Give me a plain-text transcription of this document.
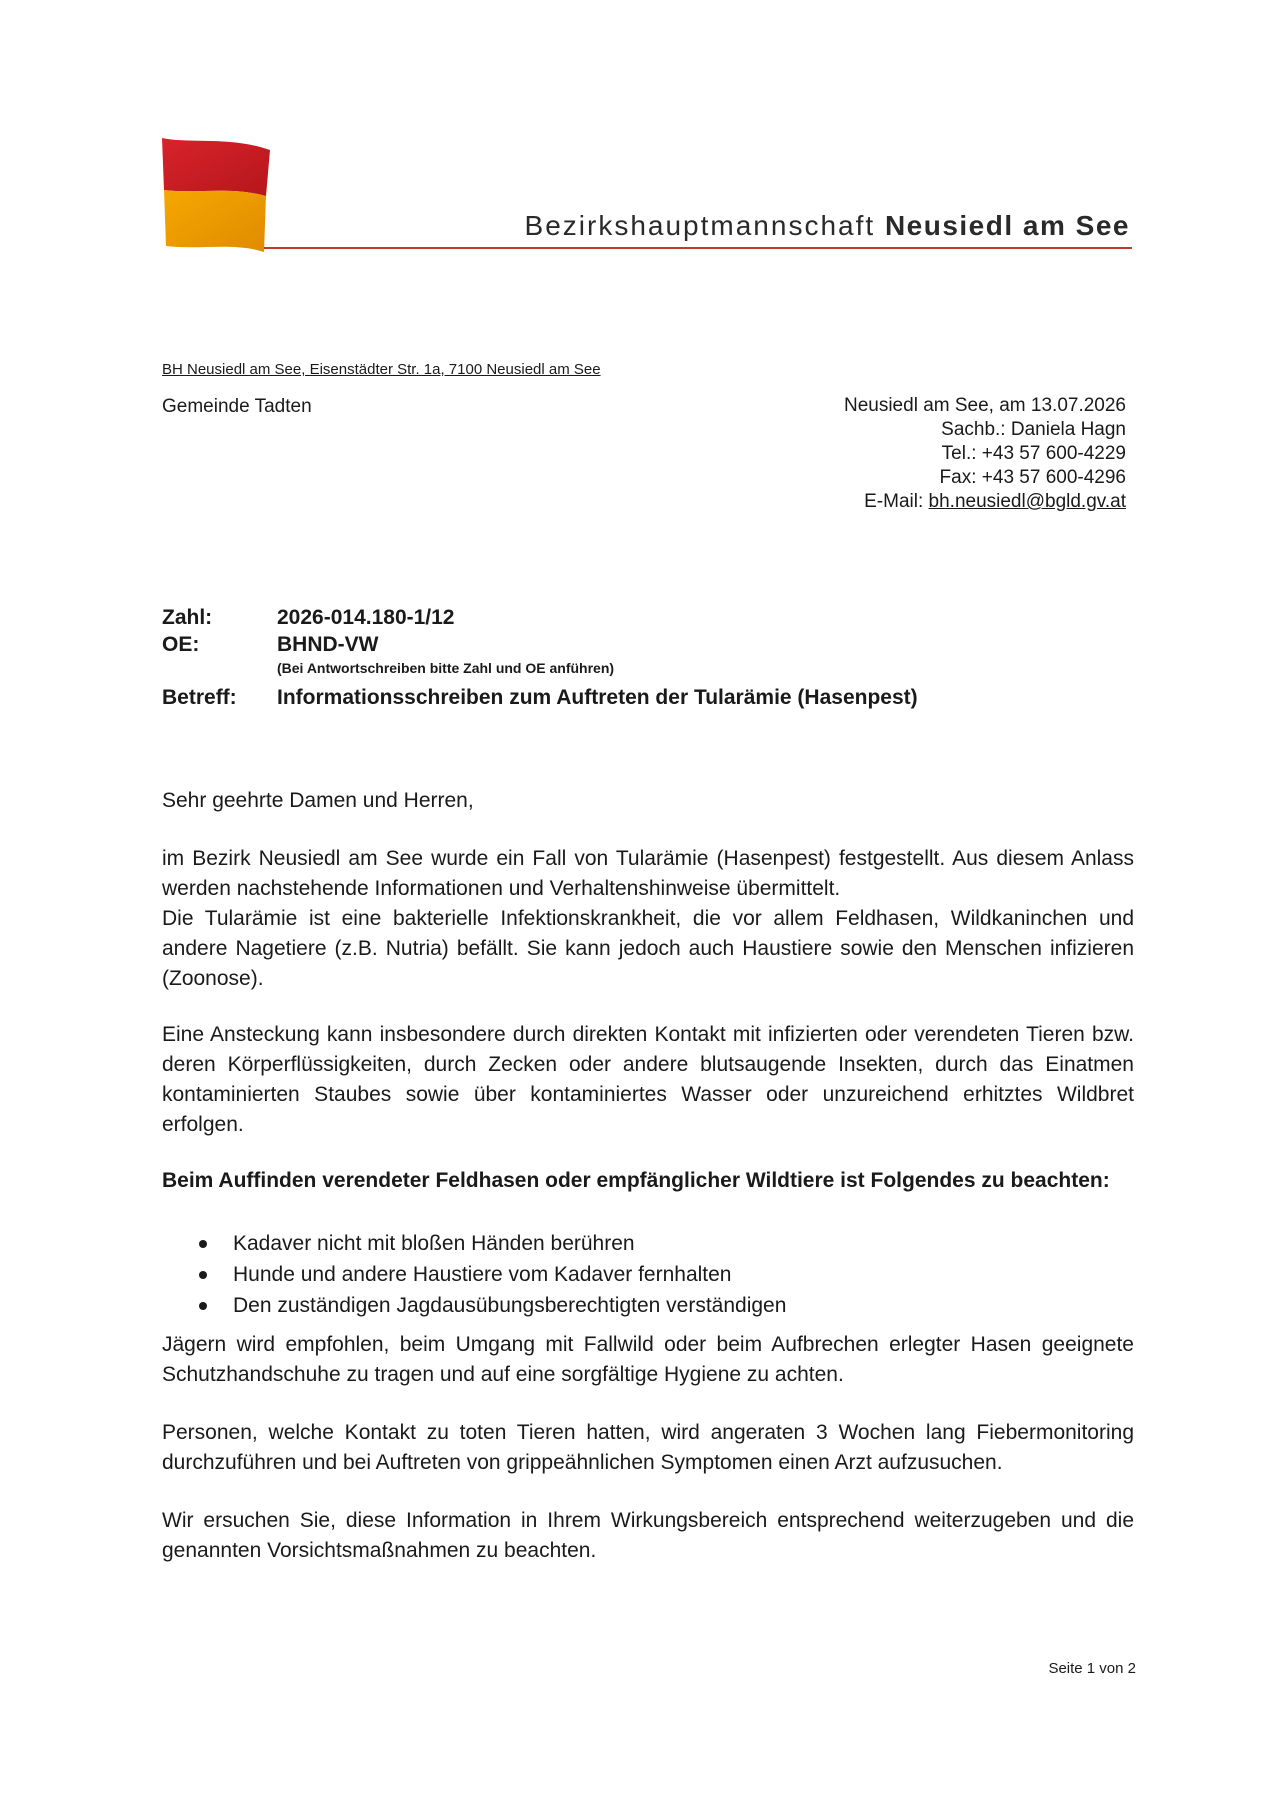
Bezirkshauptmannschaft Neusiedl am See
BH Neusiedl am See, Eisenstädter Str. 1a, 7100 Neusiedl am See
Gemeinde Tadten	Neusiedl am See, am 13.07.2026
Sachb.: Daniela Hagn
Tel.: +43 57 600-4229
Fax: +43 57 600-4296
E-Mail: bh.neusiedl@bgld.gv.at
Zahl:	2026-014.180-1/12
OE:	BHND-VW
(Bei Antwortschreiben bitte Zahl und OE anführen)
Betreff: Informationsschreiben zum Auftreten der Tularämie (Hasenpest)
Sehr geehrte Damen und Herren,

im Bezirk Neusiedl am See wurde ein Fall von Tularämie (Hasenpest) festgestellt. Aus diesem Anlass werden nachstehende Informationen und Verhaltenshinweise übermittelt.

Die Tularämie ist eine bakterielle Infektionskrankheit, die vor allem Feldhasen, Wildkaninchen und andere Nagetiere (z.B. Nutria) befällt. Sie kann jedoch auch Haustiere sowie den Menschen infizieren (Zoonose).

Eine Ansteckung kann insbesondere durch direkten Kontakt mit infizierten oder verendeten Tieren bzw. deren Körperflüssigkeiten, durch Zecken oder andere blutsaugende Insekten, durch das Einatmen kontaminierten Staubes sowie über kontaminiertes Wasser oder unzureichend erhitztes Wildbret erfolgen.
Beim Auffinden verendeter Feldhasen oder empfänglicher Wildtiere ist Folgendes zu beachten:
Kadaver nicht mit bloßen Händen berühren
Hunde und andere Haustiere vom Kadaver fernhalten
Den zuständigen Jagdausübungsberechtigten verständigen
Jägern wird empfohlen, beim Umgang mit Fallwild oder beim Aufbrechen erlegter Hasen geeignete Schutzhandschuhe zu tragen und auf eine sorgfältige Hygiene zu achten.
Personen, welche Kontakt zu toten Tieren hatten, wird angeraten 3 Wochen lang Fiebermonitoring durchzuführen und bei Auftreten von grippeähnlichen Symptomen einen Arzt aufzusuchen.
Wir ersuchen Sie, diese Information in Ihrem Wirkungsbereich entsprechend weiterzugeben und die genannten Vorsichtsmaßnahmen zu beachten.
Seite 1 von 2
